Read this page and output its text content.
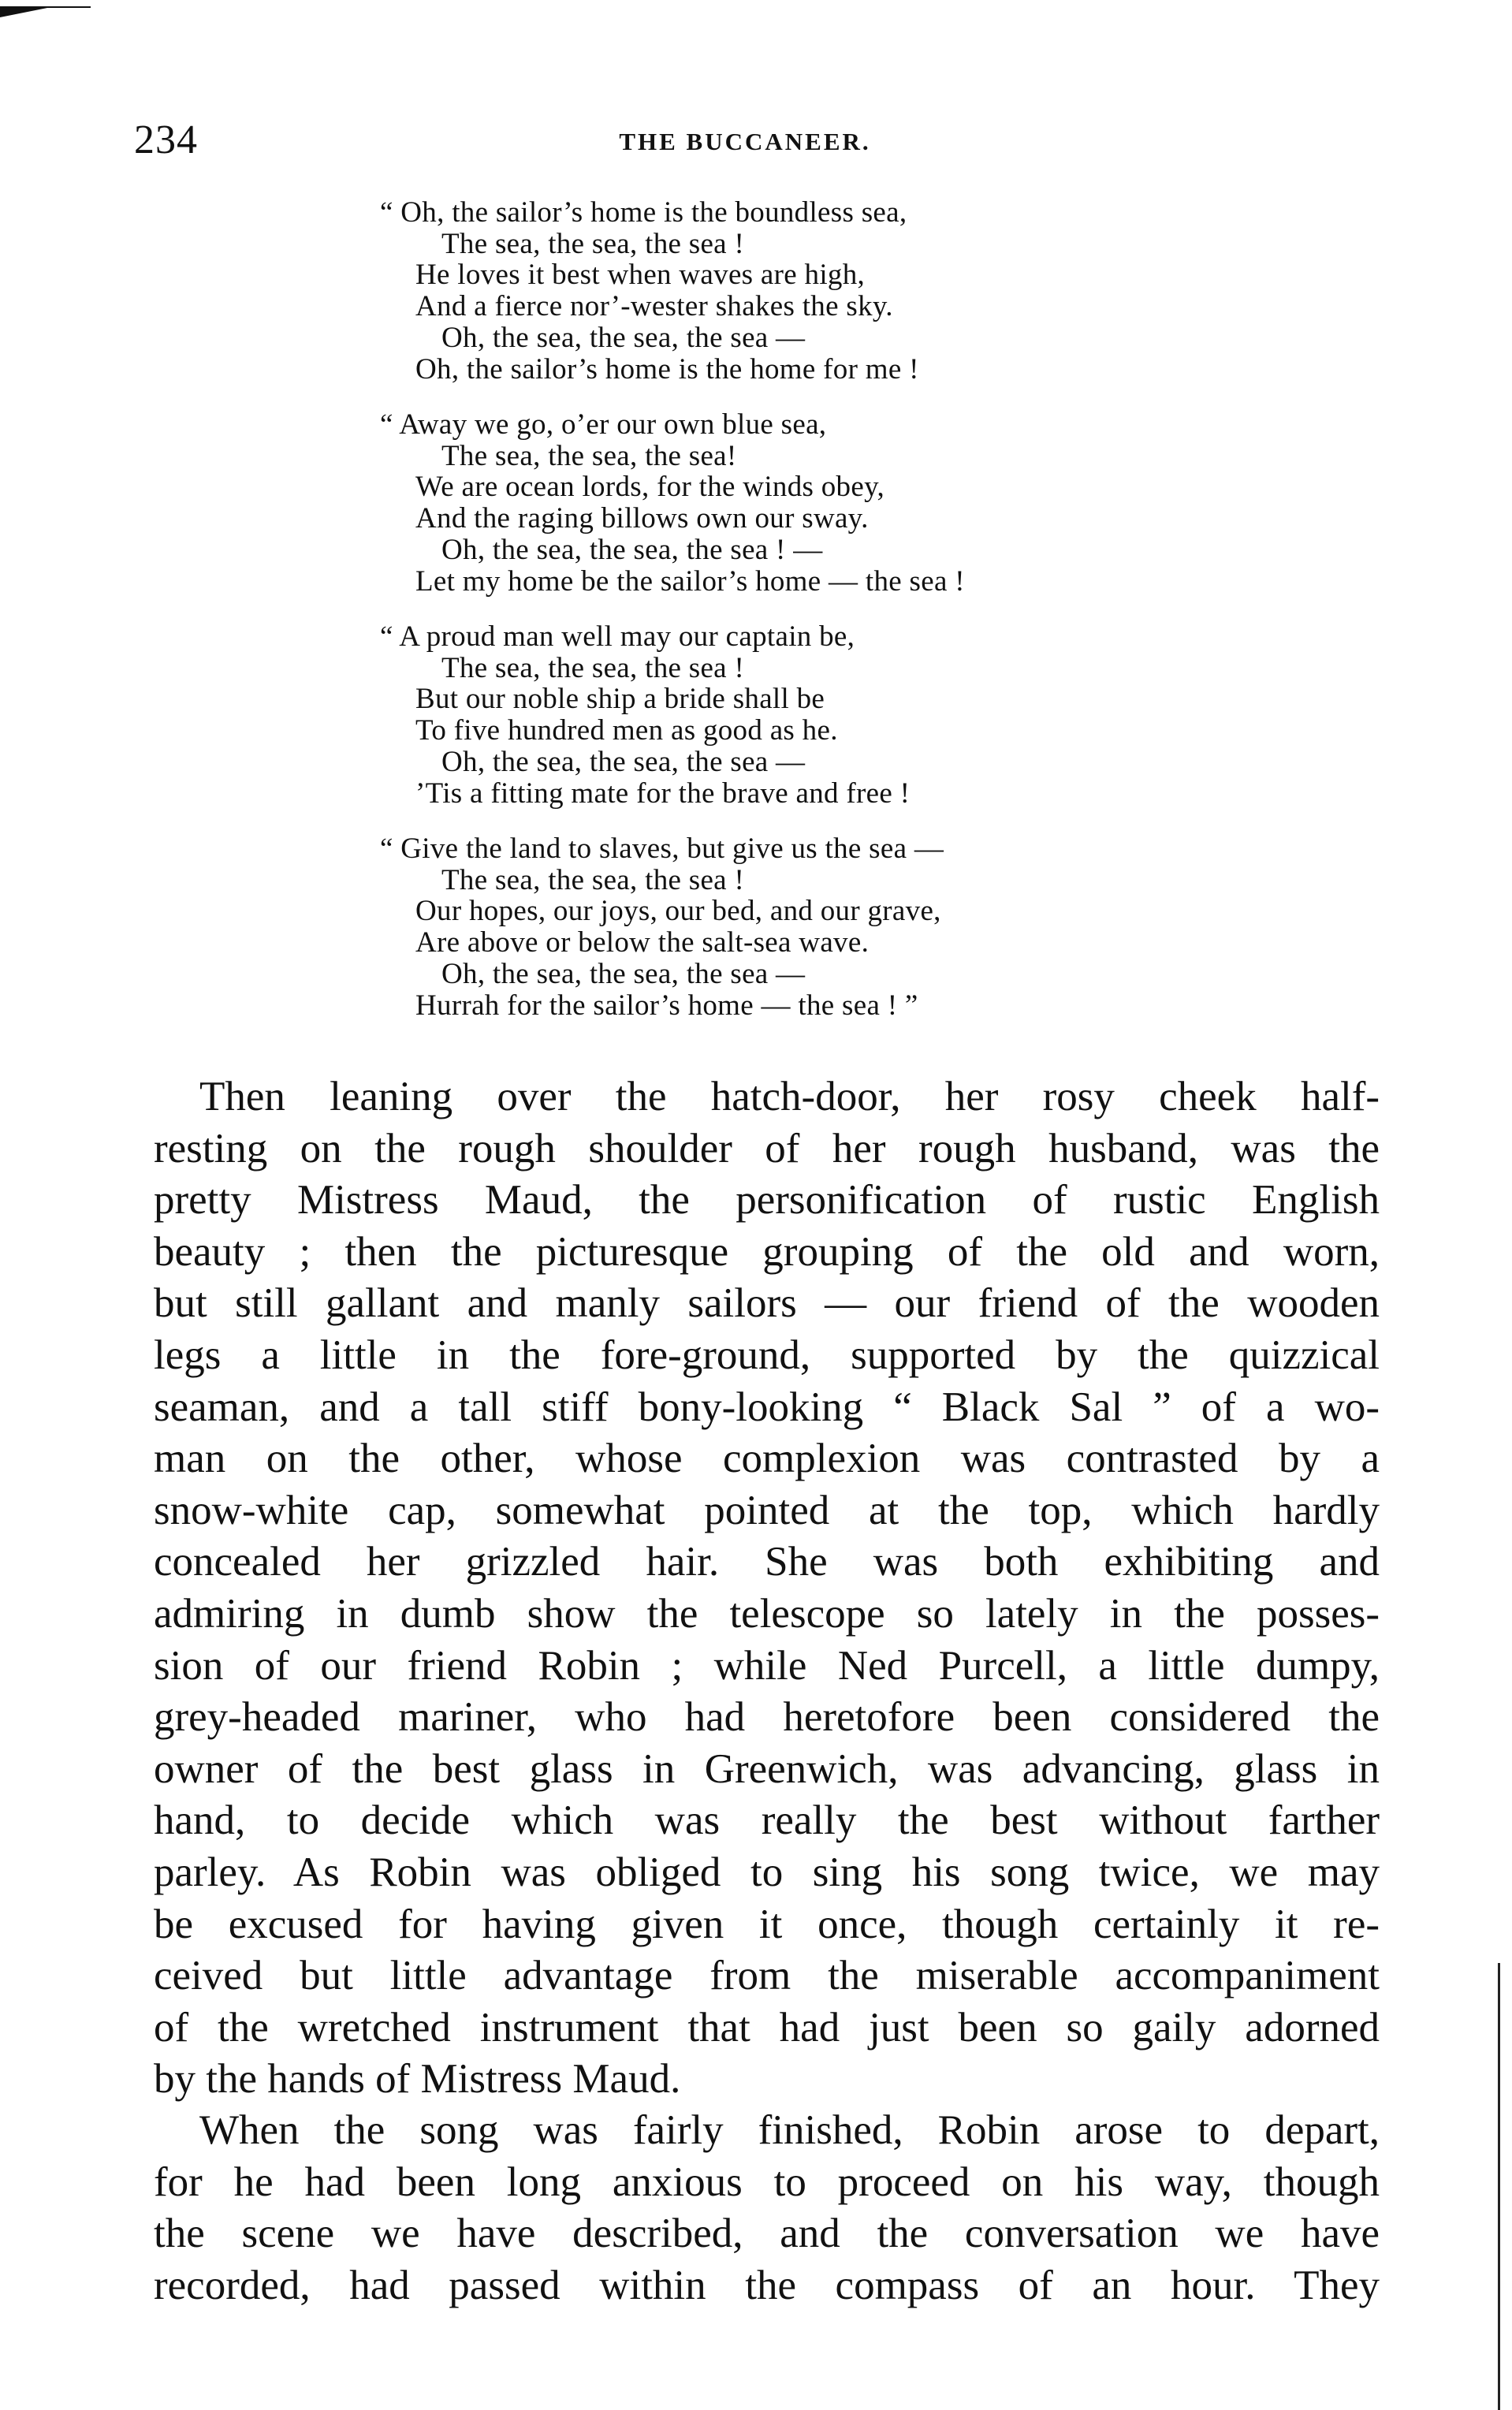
234	THE BUCCANEER.
“ Oh, the sailor’s home is the boundless sea,
The sea, the sea, the sea !
He loves it best when waves are high,
And a fierce nor’-wester shakes the sky.
Oh, the sea, the sea, the sea —
Oh, the sailor’s home is the home for me !
“ Away we go, o’er our own blue sea,
The sea, the sea, the sea!
We are ocean lords, for the winds obey,
And the raging billows own our sway.
Oh, the sea, the sea, the sea ! —
Let my home be the sailor’s home — the sea !
“ A proud man well may our captain be,
The sea, the sea, the sea !
But our noble ship a bride shall be
To five hundred men as good as he.
Oh, the sea, the sea, the sea —
’Tis a fitting mate for the brave and free !
“ Give the land to slaves, but give us the sea —
The sea, the sea, the sea !
Our hopes, our joys, our bed, and our grave,
Are above or below the salt-sea wave.
Oh, the sea, the sea, the sea —
Hurrah for the sailor’s home — the sea ! ”
Then leaning over the hatch-door, her rosy cheek half-
resting on the rough shoulder of her rough husband, was the
pretty Mistress Maud, the personification of rustic English
beauty ; then the picturesque grouping of the old and worn,
but still gallant and manly sailors — our friend of the wooden
legs a little in the fore-ground, supported by the quizzical
seaman, and a tall stiff bony-looking “ Black Sal ” of a wo-
man on the other, whose complexion was contrasted by a
snow-white cap, somewhat pointed at the top, which hardly
concealed her grizzled hair. She was both exhibiting and
admiring in dumb show the telescope so lately in the posses-
sion of our friend Robin ; while Ned Purcell, a little dumpy,
grey-headed mariner, who had heretofore been considered the
owner of the best glass in Greenwich, was advancing, glass in
hand, to decide which was really the best without farther
parley. As Robin was obliged to sing his song twice, we may
be excused for having given it once, though certainly it re-
ceived but little advantage from the miserable accompaniment
of the wretched instrument that had just been so gaily adorned
by the hands of Mistress Maud.
When the song was fairly finished, Robin arose to depart,
for he had been long anxious to proceed on his way, though
the scene we have described, and the conversation we have
recorded, had passed within the compass of an hour. They
